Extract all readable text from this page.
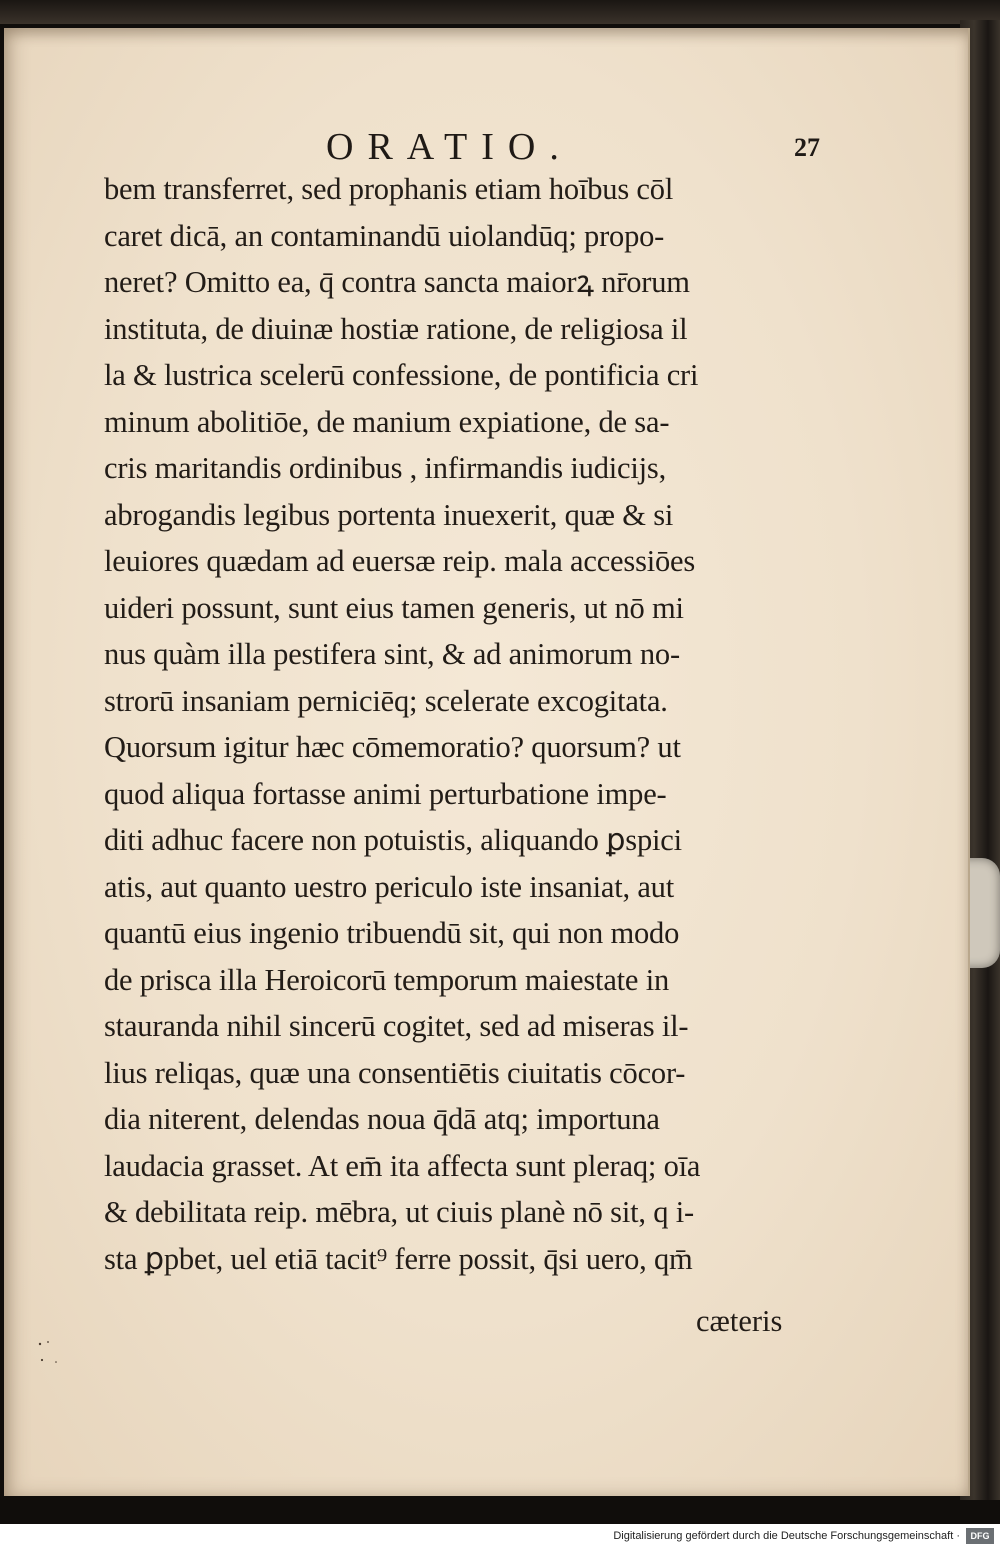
ORATIO.	27
bem transferret, sed prophanis etiam hoībus cōl
caret dicā, an contaminandū uiolandūq; propo-
neret? Omitto ea, q̄ contra sancta maiorꝝ nr̄orum
instituta, de diuinæ hostiæ ratione, de religiosa il
la & lustrica scelerū confessione, de pontificia cri
minum abolitiōe, de manium expiatione, de sa-
cris maritandis ordinibus , infirmandis iudicijs,
abrogandis legibus portenta inuexerit, quæ & si
leuiores quædam ad euersæ reip. mala accessiōes
uideri possunt, sunt eius tamen generis, ut nō mi
nus quàm illa pestifera sint, & ad animorum no-
strorū insaniam perniciēq; scelerate excogitata.
Quorsum igitur hæc cōmemoratio? quorsum? ut
quod aliqua fortasse animi perturbatione impe-
diti adhuc facere non potuistis, aliquando ꝑspici
atis, aut quanto uestro periculo iste insaniat, aut
quantū eius ingenio tribuendū sit, qui non modo
de prisca illa Heroicorū temporum maiestate in
stauranda nihil sincerū cogitet, sed ad miseras il-
lius reliqas, quæ una consentiētis ciuitatis cōcor-
dia niterent, delendas noua q̄dā atq; importuna
laudacia grasset. At em̄ ita affecta sunt pleraq; oīa
& debilitata reip. mēbra, ut ciuis planè nō sit, q i-
sta ꝑpbet, uel etiā tacit⁹ ferre possit, q̄si uero, qm̄
cæteris
Digitalisierung gefördert durch die Deutsche Forschungsgemeinschaft ·	DFG
